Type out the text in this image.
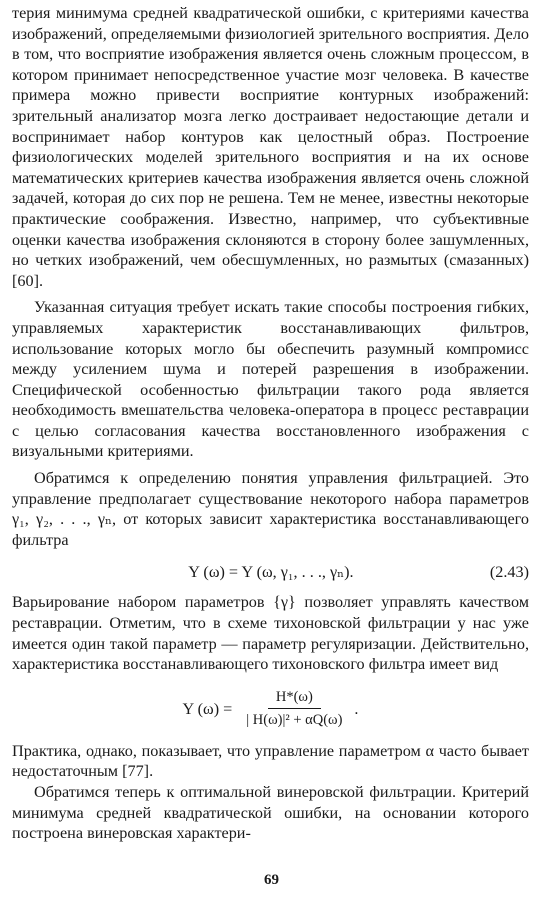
терия минимума средней квадратической ошибки, с критериями качества изображений, определяемыми физиологией зрительного восприятия. Дело в том, что восприятие изображения является очень сложным процессом, в котором принимает непосредственное участие мозг человека. В качестве примера можно привести восприятие контурных изображений: зрительный анализатор мозга легко достраивает недостающие детали и воспринимает набор контуров как целостный образ. Построение физиологических моделей зрительного восприятия и на их основе математических критериев качества изображения является очень сложной задачей, которая до сих пор не решена. Тем не менее, известны некоторые практические соображения. Известно, например, что субъективные оценки качества изображения склоняются в сторону более зашумленных, но четких изображений, чем обесшумленных, но размытых (смазанных) [60].

Указанная ситуация требует искать такие способы построения гибких, управляемых характеристик восстанавливающих фильтров, использование которых могло бы обеспечить разумный компромисс между усилением шума и потерей разрешения в изображении. Специфической особенностью фильтрации такого рода является необходимость вмешательства человека-оператора в процесс реставрации с целью согласования качества восстановленного изображения с визуальными критериями.

Обратимся к определению понятия управления фильтрацией. Это управление предполагает существование некоторого набора параметров γ₁, γ₂, . . ., γₙ, от которых зависит характеристика восстанавливающего фильтра

Y (ω) = Y (ω, γ₁, . . ., γₙ).	(2.43)

Варьирование набором параметров {γ} позволяет управлять качеством реставрации. Отметим, что в схеме тихоновской фильтрации у нас уже имеется один такой параметр — параметр регуляризации. Действительно, характеристика восстанавливающего тихоновского фильтра имеет вид

Y $(\omega) = \frac{H*(\omega)}{\text{| H(ω)|² + αQ(ω)}}$ .

Практика, однако, показывает, что управление параметром α часто бывает недостаточным [77].

Обратимся теперь к оптимальной винеровской фильтрации. Критерий минимума средней квадратической ошибки, на основании которого построена винеровская характери-

69
